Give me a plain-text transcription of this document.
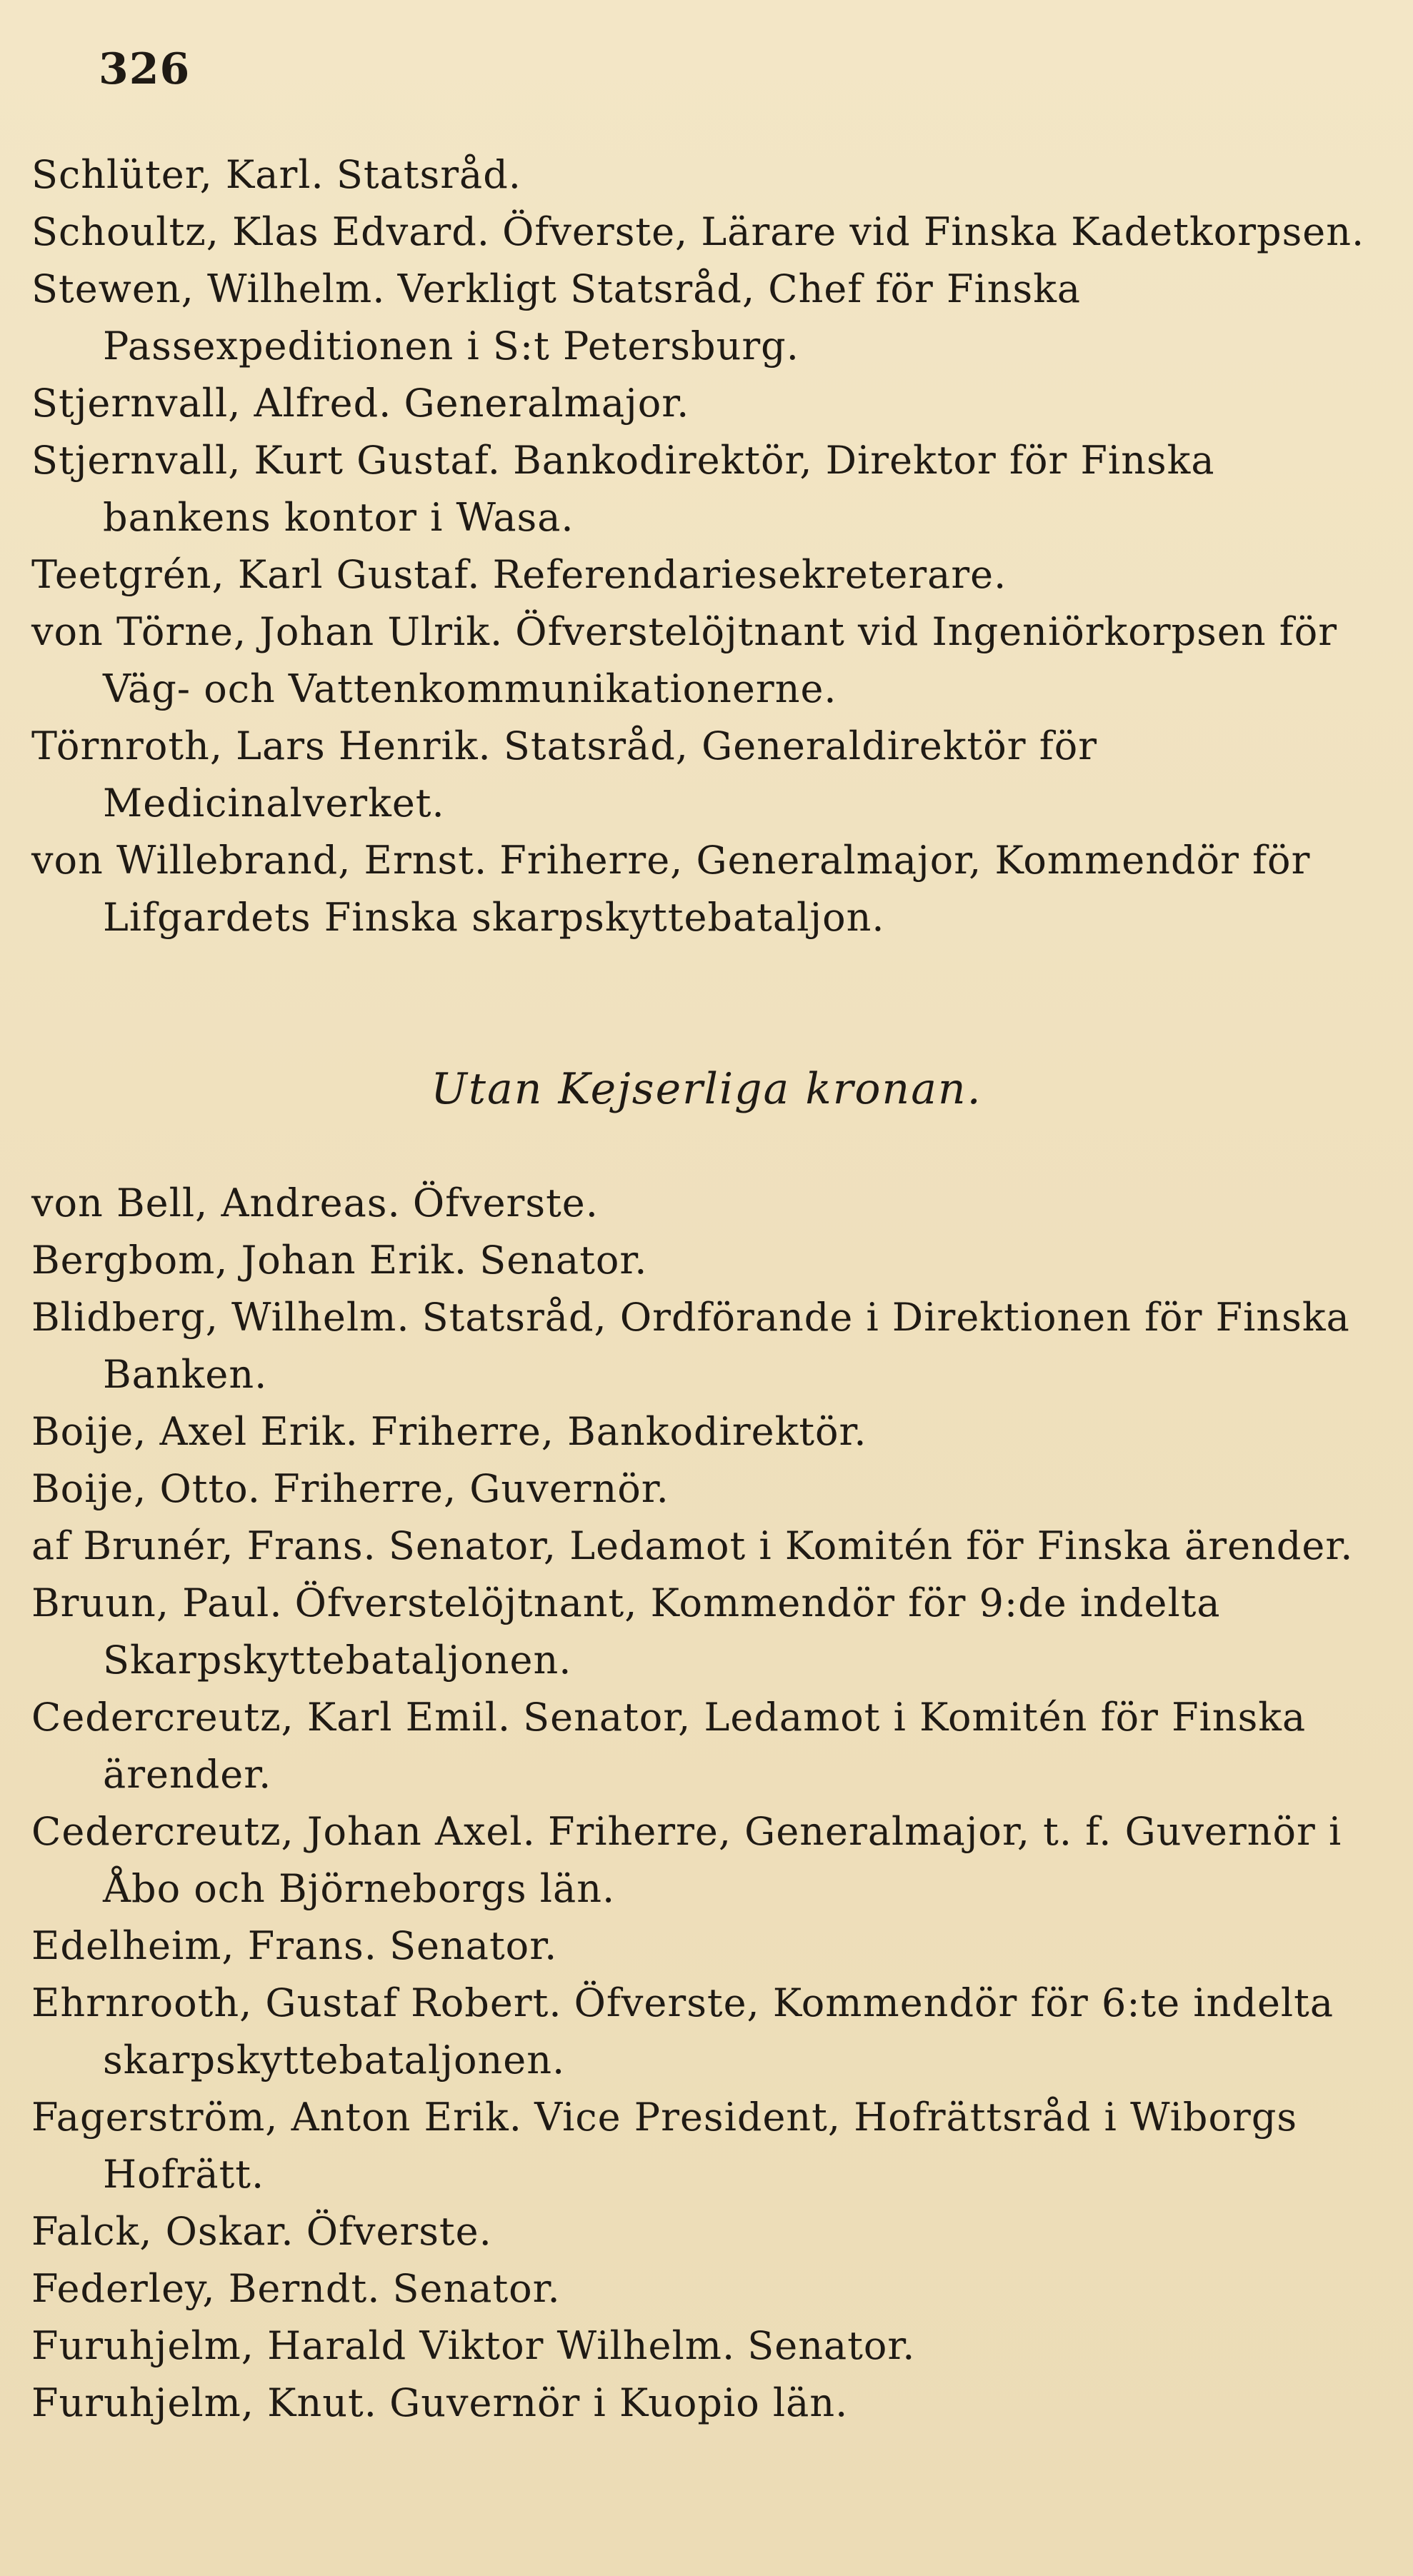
326

Schlüter, Karl. Statsråd.

Schoultz, Klas Edvard. Öfverste, Lärare vid Finska Kadetkorpsen.

Stewen, Wilhelm. Verkligt Statsråd, Chef för Finska Passexpeditionen i S:t Petersburg.

Stjernvall, Alfred. Generalmajor.

Stjernvall, Kurt Gustaf. Bankodirektör, Direktor för Finska bankens kontor i Wasa.

Teetgrén, Karl Gustaf. Referendariesekreterare.

von Törne, Johan Ulrik. Öfverstelöjtnant vid Ingeniörkorpsen för Väg- och Vattenkommunikationerne.

Törnroth, Lars Henrik. Statsråd, Generaldirektör för Medicinalverket.

von Willebrand, Ernst. Friherre, Generalmajor, Kommendör för Lifgardets Finska skarpskyttebataljon.

Utan Kejserliga kronan.

von Bell, Andreas. Öfverste.

Bergbom, Johan Erik. Senator.

Blidberg, Wilhelm. Statsråd, Ordförande i Direktionen för Finska Banken.

Boije, Axel Erik. Friherre, Bankodirektör.

Boije, Otto. Friherre, Guvernör.

af Brunér, Frans. Senator, Ledamot i Komitén för Finska ärender.

Bruun, Paul. Öfverstelöjtnant, Kommendör för 9:de indelta Skarpskyttebataljonen.

Cedercreutz, Karl Emil. Senator, Ledamot i Komitén för Finska ärender.

Cedercreutz, Johan Axel. Friherre, Generalmajor, t. f. Guvernör i Åbo och Björneborgs län.

Edelheim, Frans. Senator.

Ehrnrooth, Gustaf Robert. Öfverste, Kommendör för 6:te indelta skarpskyttebataljonen.

Fagerström, Anton Erik. Vice President, Hofrättsråd i Wiborgs Hofrätt.

Falck, Oskar. Öfverste.

Federley, Berndt. Senator.

Furuhjelm, Harald Viktor Wilhelm. Senator.

Furuhjelm, Knut. Guvernör i Kuopio län.
